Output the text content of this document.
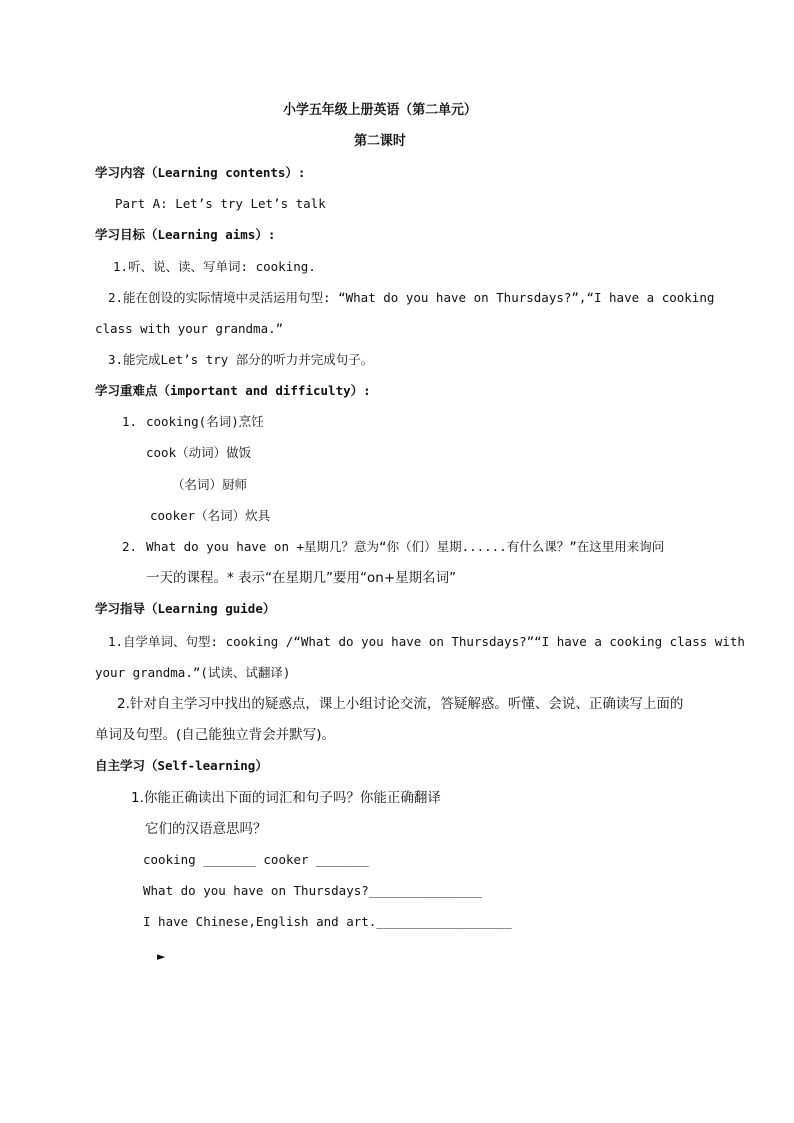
小学五年级上册英语（第二单元）
第二课时
学习内容（Learning contents）:
Part A: Let’s try Let’s talk
学习目标（Learning aims）:
1.听、说、读、写单词: cooking.
2.能在创设的实际情境中灵活运用句型: “What do you have on Thursdays?”,“I have a cooking
class with your grandma.”
3.能完成Let’s try 部分的听力并完成句子。
学习重难点（important and difficulty）:
1. cooking(名词)烹饪
cook（动词）做饭
（名词）厨师
cooker（名词）炊具
2. What do you have on +星期几？意为“你（们）星期......有什么课？”在这里用来询问
一天的课程。* 表示“在星期几”要用“on+星期名词”
学习指导（Learning guide）
1.自学单词、句型: cooking /“What do you have on Thursdays?”“I have a cooking class with
your grandma.”(试读、试翻译)
2.针对自主学习中找出的疑惑点，课上小组讨论交流，答疑解惑。听懂、会说、正确读写上面的
单词及句型。(自己能独立背会并默写)。
自主学习（Self-learning）
1.你能正确读出下面的词汇和句子吗？你能正确翻译
它们的汉语意思吗？
cooking _______ cooker _______
What do you have on Thursdays?_______________
I have Chinese,English and art.__________________
►
